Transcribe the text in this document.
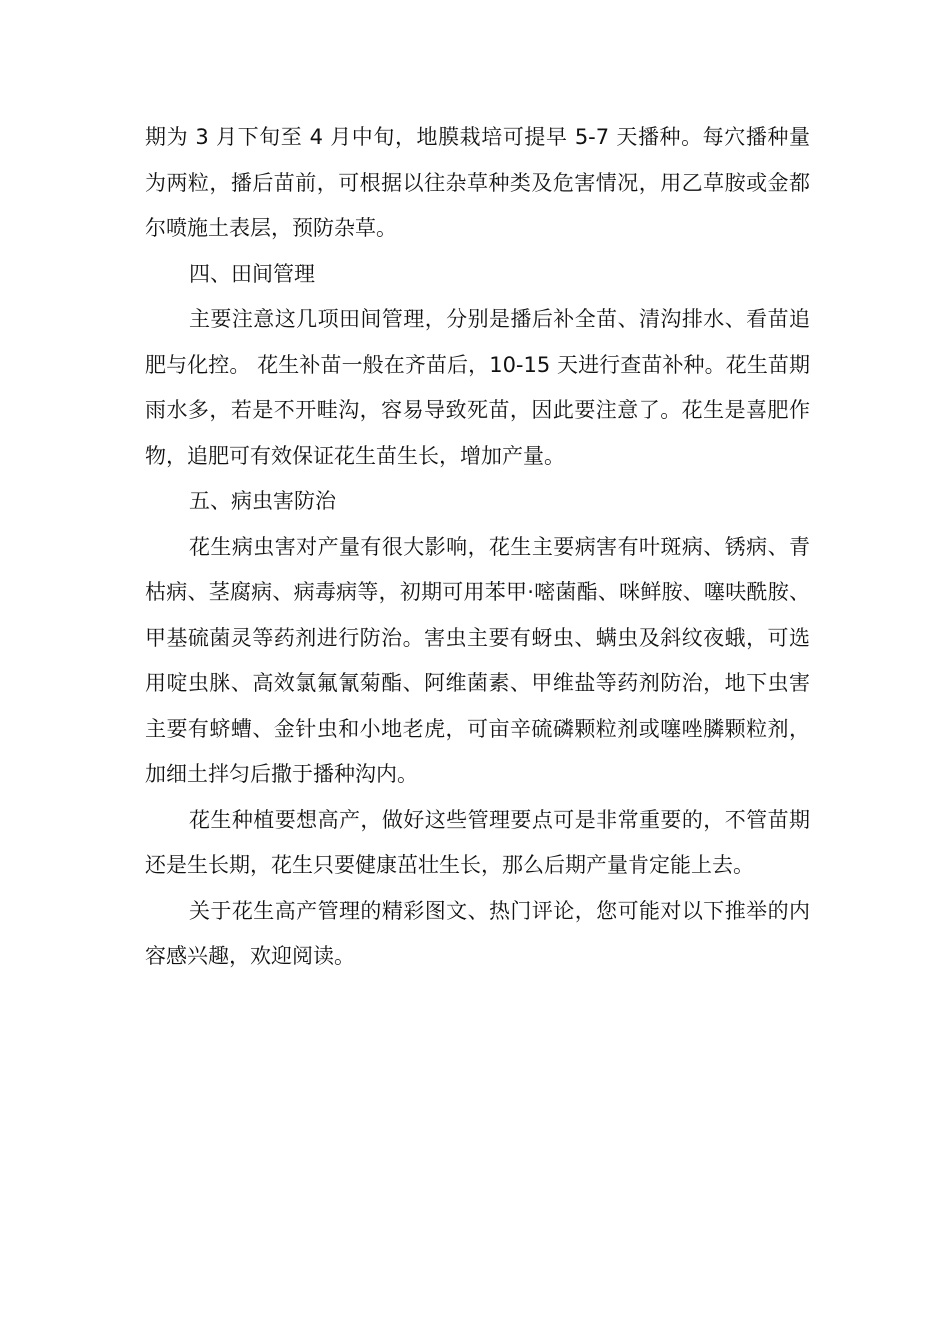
期为 3 月下旬至 4 月中旬，地膜栽培可提早 5-7 天播种。每穴播种量为两粒，播后苗前，可根据以往杂草种类及危害情况，用乙草胺或金都尔喷施土表层，预防杂草。

四、田间管理

主要注意这几项田间管理，分别是播后补全苗、清沟排水、看苗追肥与化控。 花生补苗一般在齐苗后，10-15 天进行查苗补种。花生苗期雨水多，若是不开畦沟，容易导致死苗，因此要注意了。花生是喜肥作物，追肥可有效保证花生苗生长，增加产量。

五、病虫害防治

花生病虫害对产量有很大影响，花生主要病害有叶斑病、锈病、青枯病、茎腐病、病毒病等，初期可用苯甲·嘧菌酯、咪鲜胺、噻呋酰胺、甲基硫菌灵等药剂进行防治。害虫主要有蚜虫、螨虫及斜纹夜蛾，可选用啶虫脒、高效氯氟氰菊酯、阿维菌素、甲维盐等药剂防治，地下虫害主要有蛴螬、金针虫和小地老虎，可亩辛硫磷颗粒剂或噻唑膦颗粒剂，加细土拌匀后撒于播种沟内。

花生种植要想高产，做好这些管理要点可是非常重要的，不管苗期还是生长期，花生只要健康茁壮生长，那么后期产量肯定能上去。

关于花生高产管理的精彩图文、热门评论，您可能对以下推举的内容感兴趣，欢迎阅读。
